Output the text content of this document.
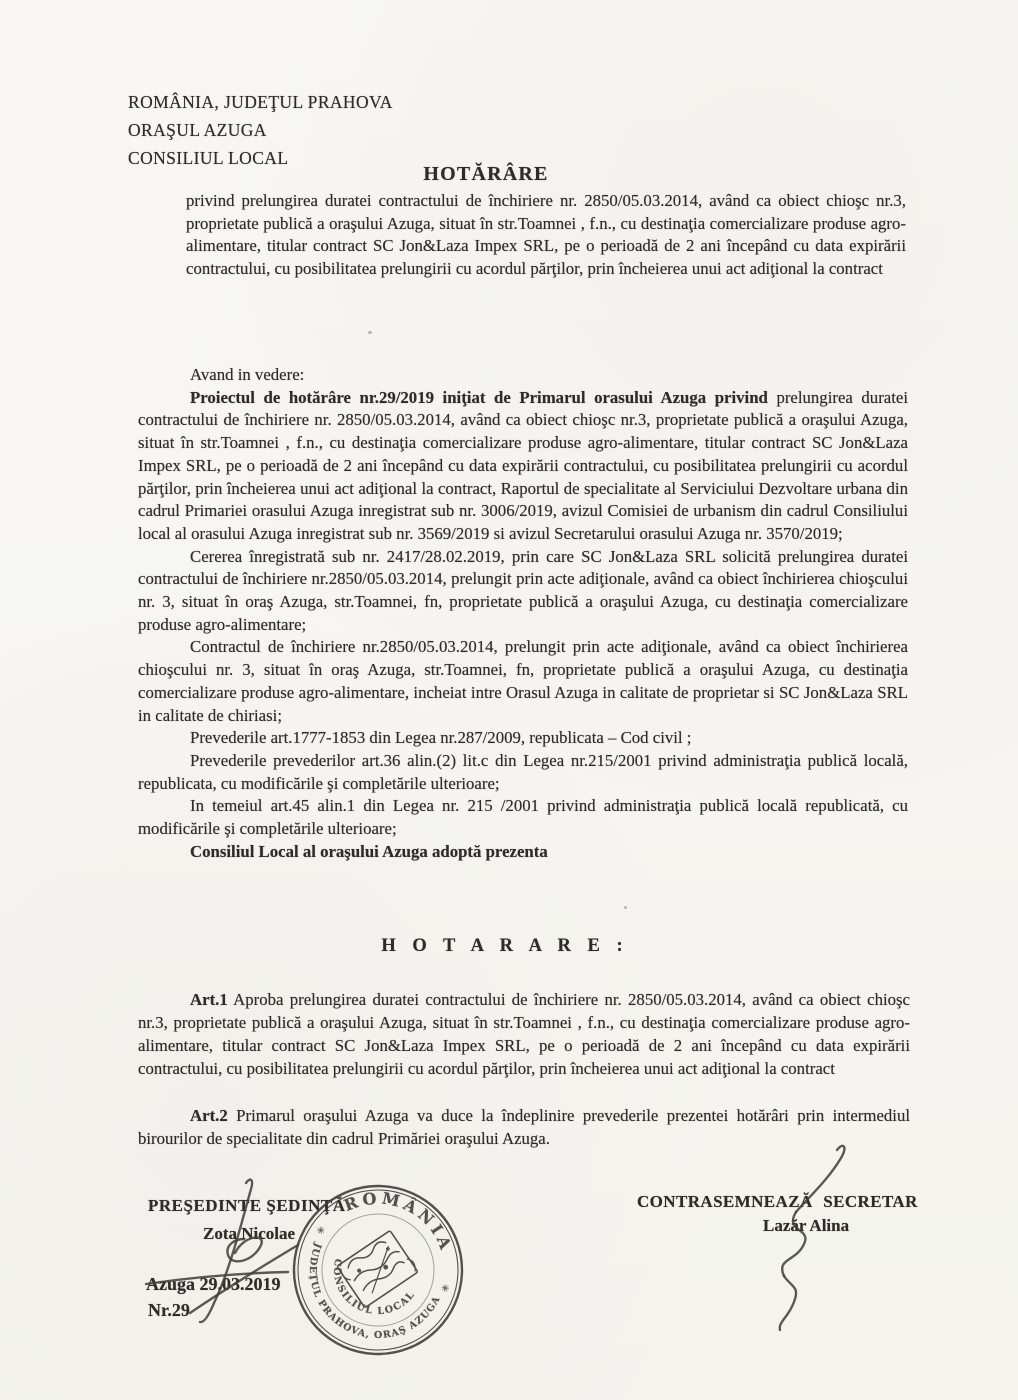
ROMÂNIA, JUDEŢUL PRAHOVA
ORAŞUL AZUGA
CONSILIUL LOCAL
HOTĂRÂRE
privind prelungirea duratei contractului de închiriere nr. 2850/05.03.2014, având ca obiect chioşc nr.3, proprietate publică a oraşului Azuga, situat în str.Toamnei , f.n., cu destinaţia comercializare produse agro-alimentare, titular contract SC Jon&Laza Impex SRL, pe o perioadă de 2 ani începând cu data expirării contractului, cu posibilitatea prelungirii cu acordul părţilor, prin încheierea unui act adiţional la contract

Avand in vedere:

Proiectul de hotărâre nr.29/2019 iniţiat de Primarul orasului Azuga privind prelungirea duratei contractului de închiriere nr. 2850/05.03.2014, având ca obiect chioşc nr.3, proprietate publică a oraşului Azuga, situat în str.Toamnei , f.n., cu destinaţia comercializare produse agro-alimentare, titular contract SC Jon&Laza Impex SRL, pe o perioadă de 2 ani începând cu data expirării contractului, cu posibilitatea prelungirii cu acordul părţilor, prin încheierea unui act adiţional la contract, Raportul de specialitate al Serviciului Dezvoltare urbana din cadrul Primariei orasului Azuga inregistrat sub nr. 3006/2019, avizul Comisiei de urbanism din cadrul Consiliului local al orasului Azuga inregistrat sub nr. 3569/2019 si avizul Secretarului orasului Azuga nr. 3570/2019;

Cererea înregistrată sub nr. 2417/28.02.2019, prin care SC Jon&Laza SRL solicită prelungirea duratei contractului de închiriere nr.2850/05.03.2014, prelungit prin acte adiţionale, având ca obiect închirierea chioşcului nr. 3, situat în oraş Azuga, str.Toamnei, fn, proprietate publică a oraşului Azuga, cu destinaţia comercializare produse agro-alimentare;

Contractul de închiriere nr.2850/05.03.2014, prelungit prin acte adiţionale, având ca obiect închirierea chioşcului nr. 3, situat în oraş Azuga, str.Toamnei, fn, proprietate publică a oraşului Azuga, cu destinaţia comercializare produse agro-alimentare, incheiat intre Orasul Azuga in calitate de proprietar si SC Jon&Laza SRL in calitate de chiriasi;

Prevederile art.1777-1853 din Legea nr.287/2009, republicata – Cod civil ;

Prevederile prevederilor art.36 alin.(2) lit.c din Legea nr.215/2001 privind administraţia publică locală, republicata, cu modificările şi completările ulterioare;

In temeiul art.45 alin.1 din Legea nr. 215 /2001 privind administraţia publică locală republicată, cu modificările şi completările ulterioare;

Consiliul Local al oraşului Azuga adoptă prezenta

H O T A R A R E :

Art.1 Aproba prelungirea duratei contractului de închiriere nr. 2850/05.03.2014, având ca obiect chioşc nr.3, proprietate publică a oraşului Azuga, situat în str.Toamnei , f.n., cu destinaţia comercializare produse agro-alimentare, titular contract SC Jon&Laza Impex SRL, pe o perioadă de 2 ani începând cu data expirării contractului, cu posibilitatea prelungirii cu acordul părţilor, prin încheierea unui act adiţional la contract

Art.2 Primarul oraşului Azuga va duce la îndeplinire prevederile prezentei hotărâri prin intermediul birourilor de specialitate din cadrul Primăriei oraşului Azuga.

PREŞEDINTE ŞEDINŢĂ
Zota Nicolae
CONTRASEMNEAZĂ SECRETAR
Lazăr Alina
Azuga 29.03.2019
Nr.29
ROMÂNIA
✳
✳
JUDEŢUL PRAHOVA, ORAŞ AZUGA
CONSILIUL LOCAL
